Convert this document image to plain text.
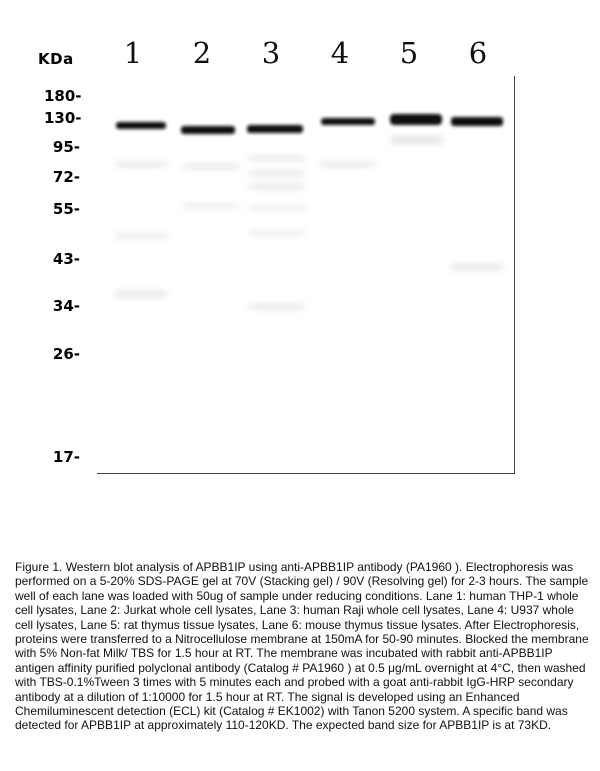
KDa	1	2	3	4	5	6
180-
130-
95-
72-
55-
43-
34-
26-
17-

Figure 1. Western blot analysis of APBB1IP using anti-APBB1IP antibody (PA1960 ). Electrophoresis was performed on a 5-20% SDS-PAGE gel at 70V (Stacking gel) / 90V (Resolving gel) for 2-3 hours. The sample well of each lane was loaded with 50ug of sample under reducing conditions. Lane 1: human THP-1 whole cell lysates, Lane 2: Jurkat whole cell lysates, Lane 3: human Raji whole cell lysates, Lane 4: U937 whole cell lysates, Lane 5: rat thymus tissue lysates, Lane 6: mouse thymus tissue lysates. After Electrophoresis, proteins were transferred to a Nitrocellulose membrane at 150mA for 50-90 minutes. Blocked the membrane with 5% Non-fat Milk/ TBS for 1.5 hour at RT. The membrane was incubated with rabbit anti-APBB1IP antigen affinity purified polyclonal antibody (Catalog # PA1960 ) at 0.5 μg/mL overnight at 4°C, then washed with TBS-0.1%Tween 3 times with 5 minutes each and probed with a goat anti-rabbit IgG-HRP secondary antibody at a dilution of 1:10000 for 1.5 hour at RT. The signal is developed using an Enhanced Chemiluminescent detection (ECL) kit (Catalog # EK1002) with Tanon 5200 system. A specific band was detected for APBB1IP at approximately 110-120KD. The expected band size for APBB1IP is at 73KD.
